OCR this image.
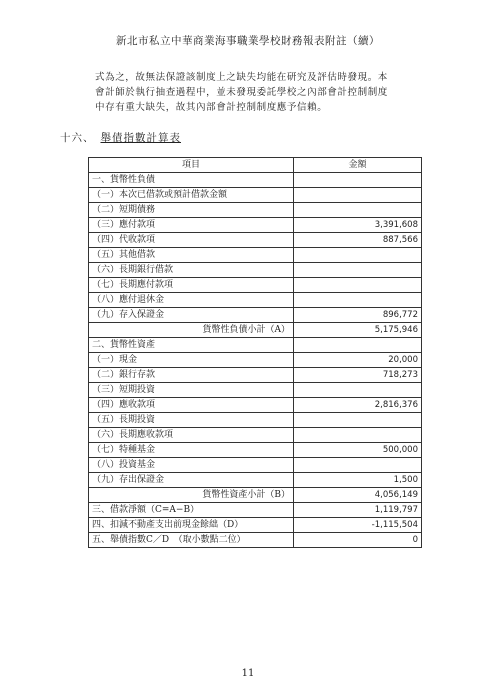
新北市私立中華商業海事職業學校財務報表附註（續）
式為之，故無法保證該制度上之缺失均能在研究及評估時發現。本
會計師於執行抽查過程中，並未發現委託學校之內部會計控制制度
中存有重大缺失，故其內部會計控制制度應予信賴。
十六、 舉債指數計算表
項目	金額
一、貨幣性負債	
（一）本次已借款或預計借款金額	
（二）短期債務	
（三）應付款項	3,391,608
（四）代收款項	887,566
（五）其他借款	
（六）長期銀行借款	
（七）長期應付款項	
（八）應付退休金	
（九）存入保證金	896,772
貨幣性負債小計（A）	5,175,946
二、貨幣性資產	
（一）現金	20,000
（二）銀行存款	718,273
（三）短期投資	
（四）應收款項	2,816,376
（五）長期投資	
（六）長期應收款項	
（七）特種基金	500,000
（八）投資基金	
（九）存出保證金	1,500
貨幣性資產小計（B）	4,056,149
三、借款淨額（C=A−B）	1,119,797
四、扣減不動產支出前現金餘絀（D）	-1,115,504
五、舉債指數C／D　（取小數點二位）	0
11
